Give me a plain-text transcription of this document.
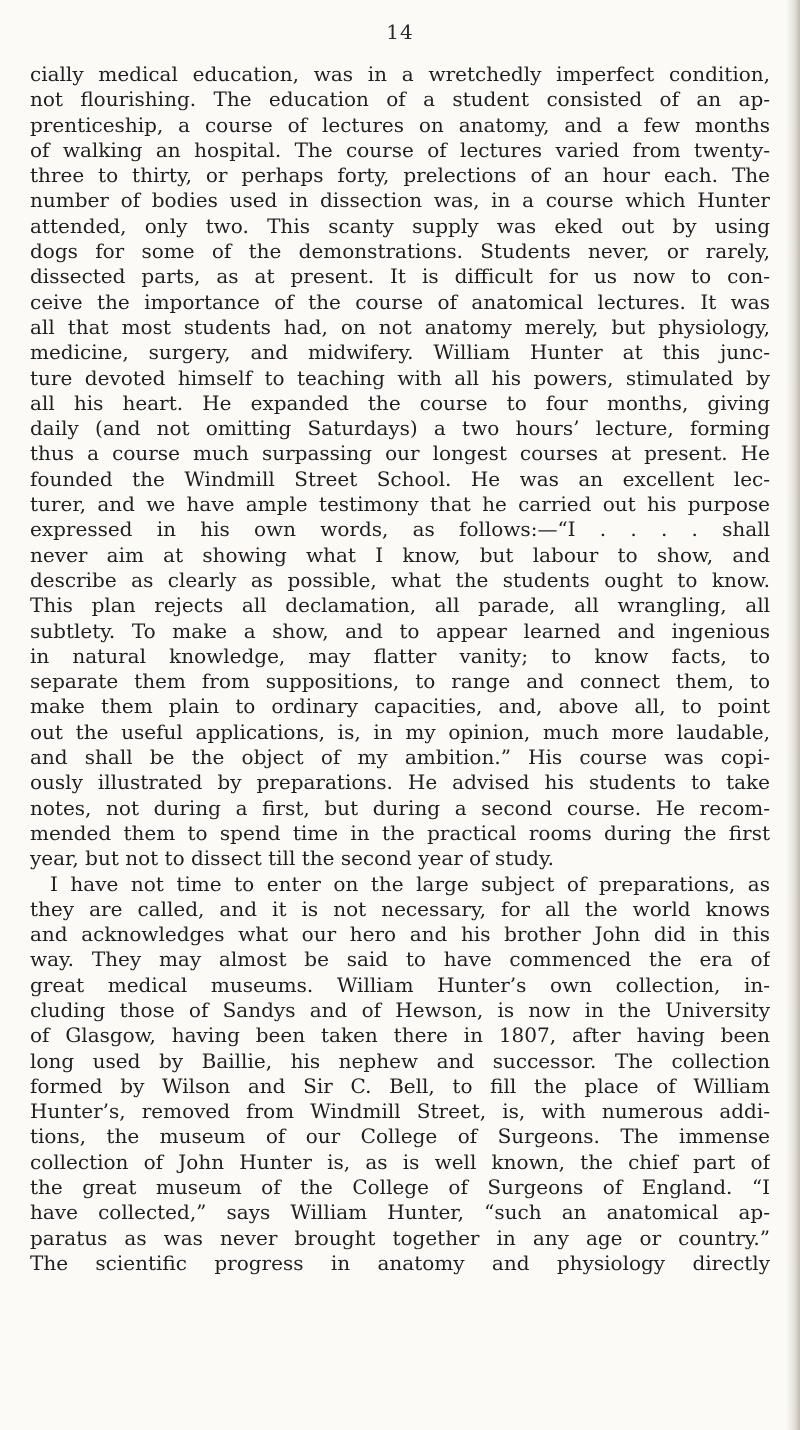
14
cially medical education, was in a wretchedly imperfect condition,
not flourishing. The education of a student consisted of an ap-
prenticeship, a course of lectures on anatomy, and a few months
of walking an hospital. The course of lectures varied from twenty-
three to thirty, or perhaps forty, prelections of an hour each. The
number of bodies used in dissection was, in a course which Hunter
attended, only two. This scanty supply was eked out by using
dogs for some of the demonstrations. Students never, or rarely,
dissected parts, as at present. It is difficult for us now to con-
ceive the importance of the course of anatomical lectures. It was
all that most students had, on not anatomy merely, but physiology,
medicine, surgery, and midwifery. William Hunter at this junc-
ture devoted himself to teaching with all his powers, stimulated by
all his heart. He expanded the course to four months, giving
daily (and not omitting Saturdays) a two hours’ lecture, forming
thus a course much surpassing our longest courses at present. He
founded the Windmill Street School. He was an excellent lec-
turer, and we have ample testimony that he carried out his purpose
expressed in his own words, as follows:—“I . . . . shall
never aim at showing what I know, but labour to show, and
describe as clearly as possible, what the students ought to know.
This plan rejects all declamation, all parade, all wrangling, all
subtlety. To make a show, and to appear learned and ingenious
in natural knowledge, may flatter vanity; to know facts, to
separate them from suppositions, to range and connect them, to
make them plain to ordinary capacities, and, above all, to point
out the useful applications, is, in my opinion, much more laudable,
and shall be the object of my ambition.” His course was copi-
ously illustrated by preparations. He advised his students to take
notes, not during a first, but during a second course. He recom-
mended them to spend time in the practical rooms during the first
year, but not to dissect till the second year of study.
I have not time to enter on the large subject of preparations, as
they are called, and it is not necessary, for all the world knows
and acknowledges what our hero and his brother John did in this
way. They may almost be said to have commenced the era of
great medical museums. William Hunter’s own collection, in-
cluding those of Sandys and of Hewson, is now in the University
of Glasgow, having been taken there in 1807, after having been
long used by Baillie, his nephew and successor. The collection
formed by Wilson and Sir C. Bell, to fill the place of William
Hunter’s, removed from Windmill Street, is, with numerous addi-
tions, the museum of our College of Surgeons. The immense
collection of John Hunter is, as is well known, the chief part of
the great museum of the College of Surgeons of England. “I
have collected,” says William Hunter, “such an anatomical ap-
paratus as was never brought together in any age or country.”
The scientific progress in anatomy and physiology directly
